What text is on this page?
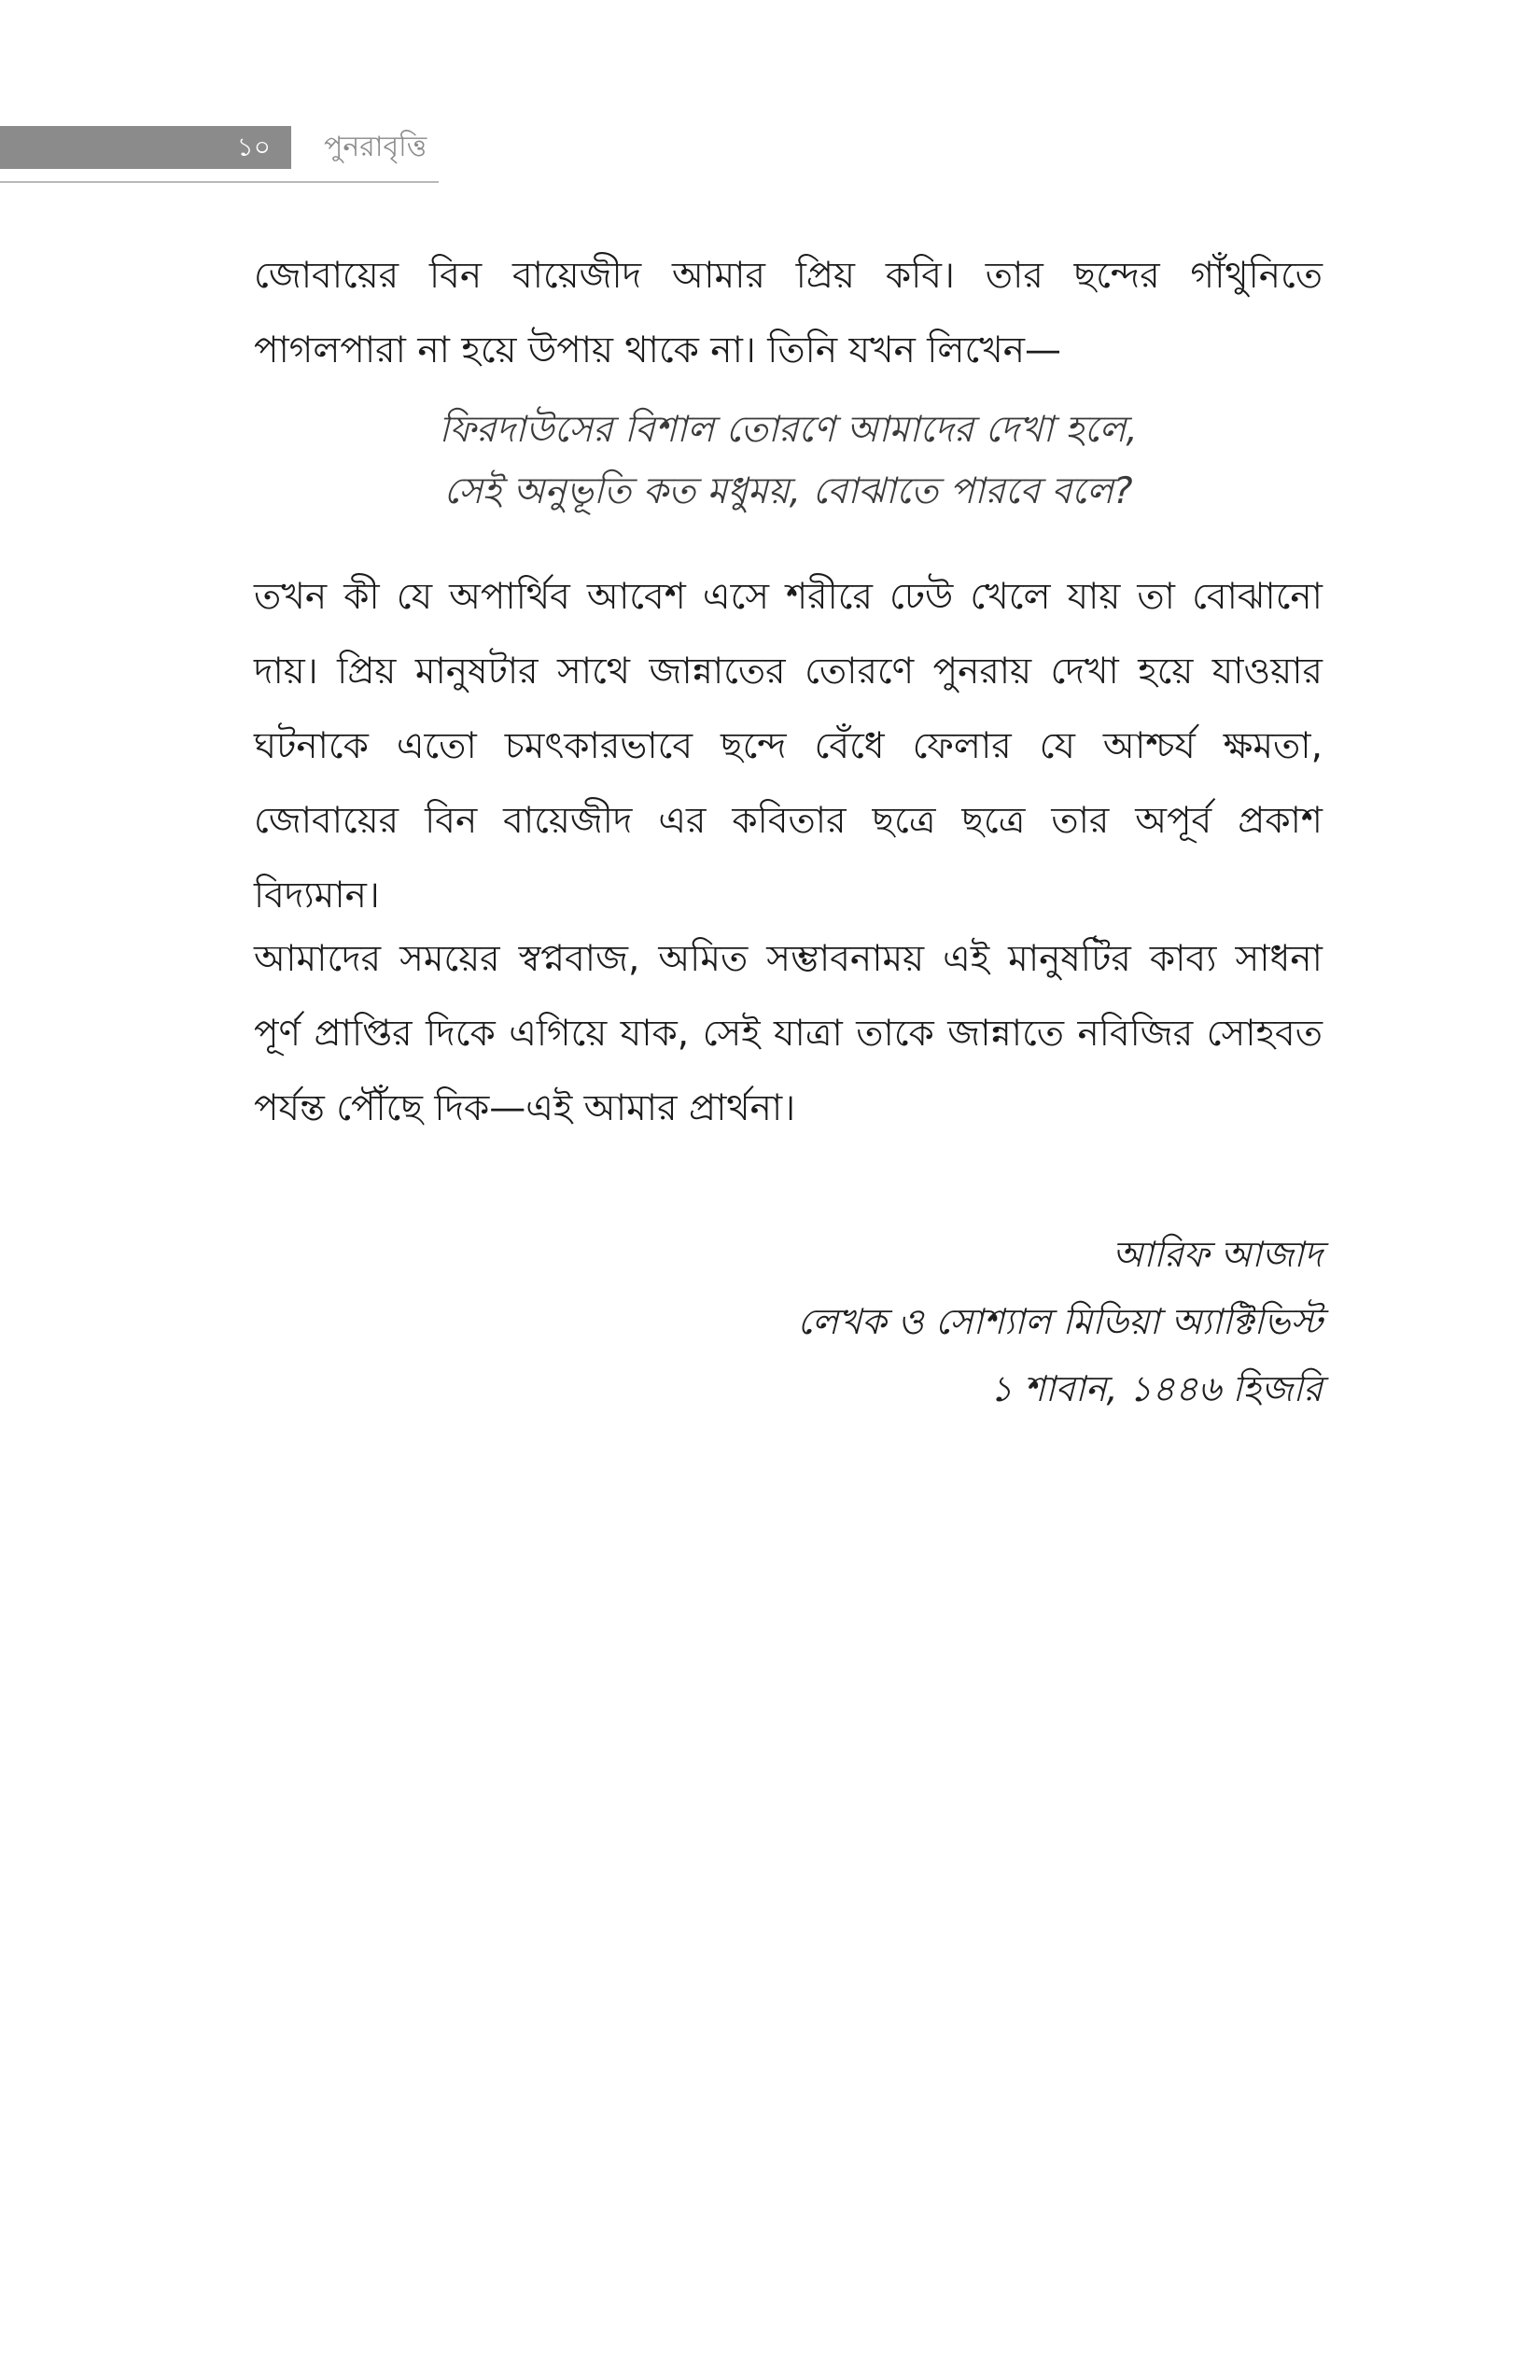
১০ পুনরাবৃত্তি

জোবায়ের বিন বায়েজীদ আমার প্রিয় কবি। তার ছন্দের গাঁথুনিতে পাগলপারা না হয়ে উপায় থাকে না। তিনি যখন লিখেন—

ফিরদাউসের বিশাল তোরণে আমাদের দেখা হলে,
সেই অনুভূতি কত মধুময়, বোঝাতে পারবে বলে?

তখন কী যে অপার্থিব আবেশ এসে শরীরে ঢেউ খেলে যায় তা বোঝানো দায়। প্রিয় মানুষটার সাথে জান্নাতের তোরণে পুনরায় দেখা হয়ে যাওয়ার ঘটনাকে এতো চমৎকারভাবে ছন্দে বেঁধে ফেলার যে আশ্চর্য ক্ষমতা, জোবায়ের বিন বায়েজীদ এর কবিতার ছত্রে ছত্রে তার অপূর্ব প্রকাশ বিদ্যমান।

আমাদের সময়ের স্বপ্নবাজ, অমিত সম্ভাবনাময় এই মানুষটির কাব্য সাধনা পূর্ণ প্রাপ্তির দিকে এগিয়ে যাক, সেই যাত্রা তাকে জান্নাতে নবিজির সোহবত পর্যন্ত পৌঁছে দিক—এই আমার প্রার্থনা।

আরিফ আজাদ
লেখক ও সোশ্যাল মিডিয়া অ্যাক্টিভিস্ট
১ শাবান, ১৪৪৬ হিজরি
